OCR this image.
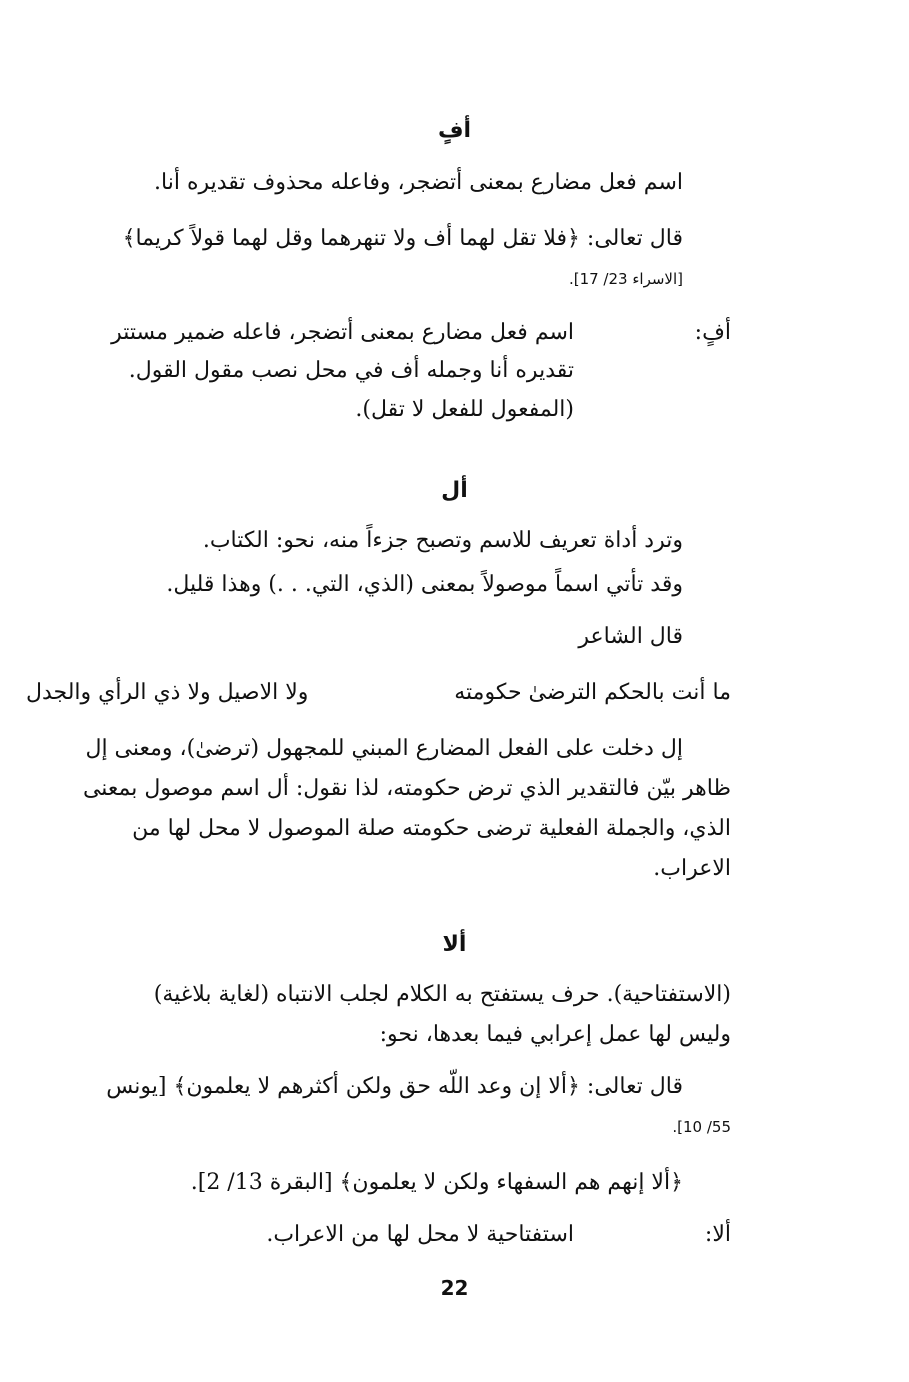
أفٍ
اسم فعل مضارع بمعنى أتضجر، وفاعله محذوف تقديره أنا.
قال تعالى: ﴿فلا تقل لهما أف ولا تنهرهما وقل لهما قولاً كريما﴾
[الاسراء 23/ 17].
أفٍ:
اسم فعل مضارع بمعنى أتضجر، فاعله ضمير مستتر
تقديره أنا وجمله أف في محل نصب مقول القول.
(المفعول للفعل لا تقل).
أل
وترد أداة تعريف للاسم وتصبح جزءاً منه، نحو: الكتاب.
وقد تأتي اسماً موصولاً بمعنى (الذي، التي. . .) وهذا قليل.
قال الشاعر
ما أنت بالحكم الترضىٰ حكومته
ولا الاصيل ولا ذي الرأي والجدل
إل دخلت على الفعل المضارع المبني للمجهول (ترضىٰ)، ومعنى إل
ظاهر بيّن فالتقدير الذي ترض حكومته، لذا نقول: أل اسم موصول بمعنى
الذي، والجملة الفعلية ترضى حكومته صلة الموصول لا محل لها من
الاعراب.
ألا
(الاستفتاحية). حرف يستفتح به الكلام لجلب الانتباه (لغاية بلاغية)
وليس لها عمل إعرابي فيما بعدها، نحو:
قال تعالى: ﴿ألا إن وعد اللّه حق ولكن أكثرهم لا يعلمون﴾ [يونس
55/ 10].
﴿ألا إنهم هم السفهاء ولكن لا يعلمون﴾ [البقرة 13/ 2].
ألا:
استفتاحية لا محل لها من الاعراب.
22
